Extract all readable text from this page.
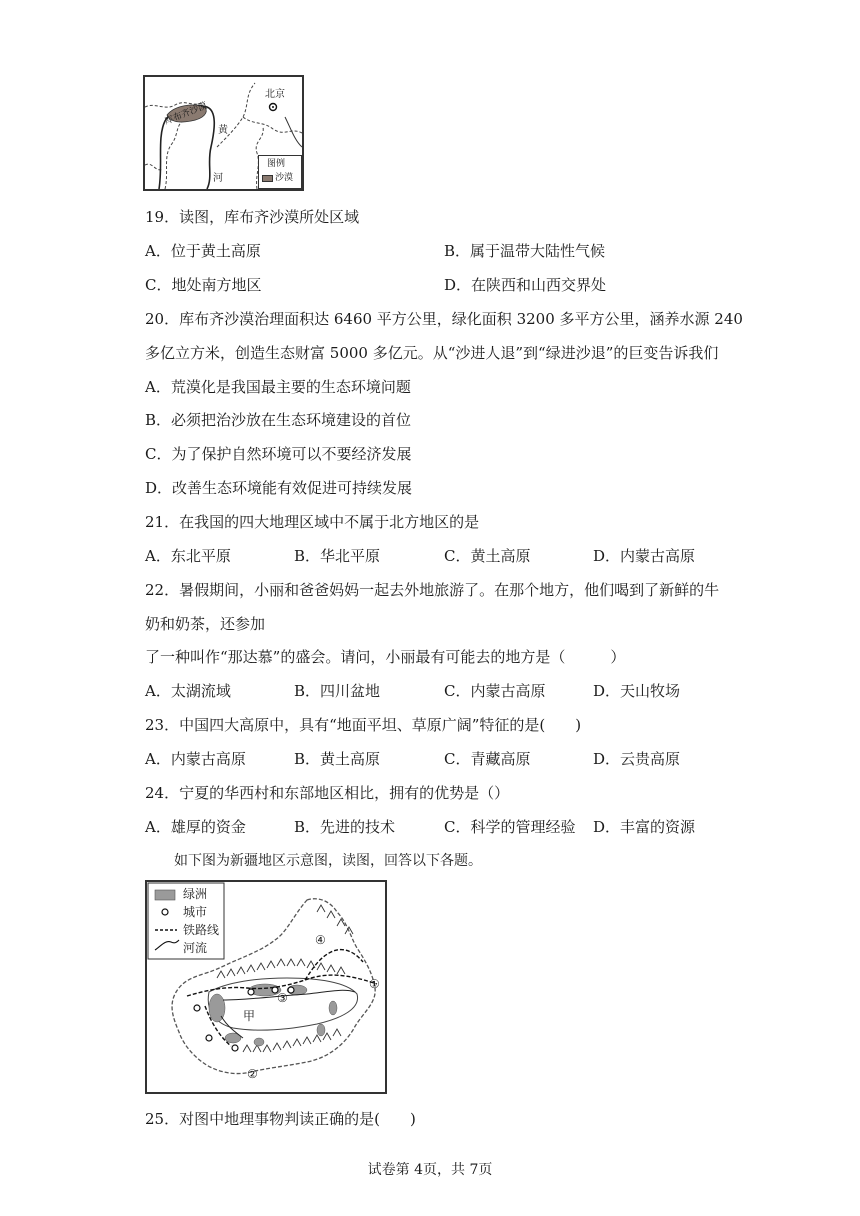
北京
库布齐沙漠
黄
河
图例
沙漠
19．读图，库布齐沙漠所处区域
A．位于黄土高原	B．属于温带大陆性气候
C．地处南方地区	D．在陕西和山西交界处
20．库布齐沙漠治理面积达 6460 平方公里，绿化面积 3200 多平方公里，涵养水源 240
多亿立方米，创造生态财富 5000 多亿元。从“沙进人退”到“绿进沙退”的巨变告诉我们
A．荒漠化是我国最主要的生态环境问题
B．必须把治沙放在生态环境建设的首位
C．为了保护自然环境可以不要经济发展
D．改善生态环境能有效促进可持续发展
21．在我国的四大地理区域中不属于北方地区的是
A．东北平原	B．华北平原	C．黄土高原	D．内蒙古高原
22．暑假期间，小丽和爸爸妈妈一起去外地旅游了。在那个地方，他们喝到了新鲜的牛
奶和奶茶，还参加
了一种叫作“那达慕”的盛会。请问，小丽最有可能去的地方是（　　　）
A．太湖流域	B．四川盆地	C．内蒙古高原	D．天山牧场
23．中国四大高原中，具有“地面平坦、草原广阔”特征的是(　　)
A．内蒙古高原	B．黄土高原	C．青藏高原	D．云贵高原
24．宁夏的华西村和东部地区相比，拥有的优势是（）
A．雄厚的资金	B．先进的技术	C．科学的管理经验 D．丰富的资源
如下图为新疆地区示意图，读图，回答以下各题。
绿洲
城市
铁路线
河流
甲
①
②
③
④
25．对图中地理事物判读正确的是(　　)
试卷第 4页，共 7页
